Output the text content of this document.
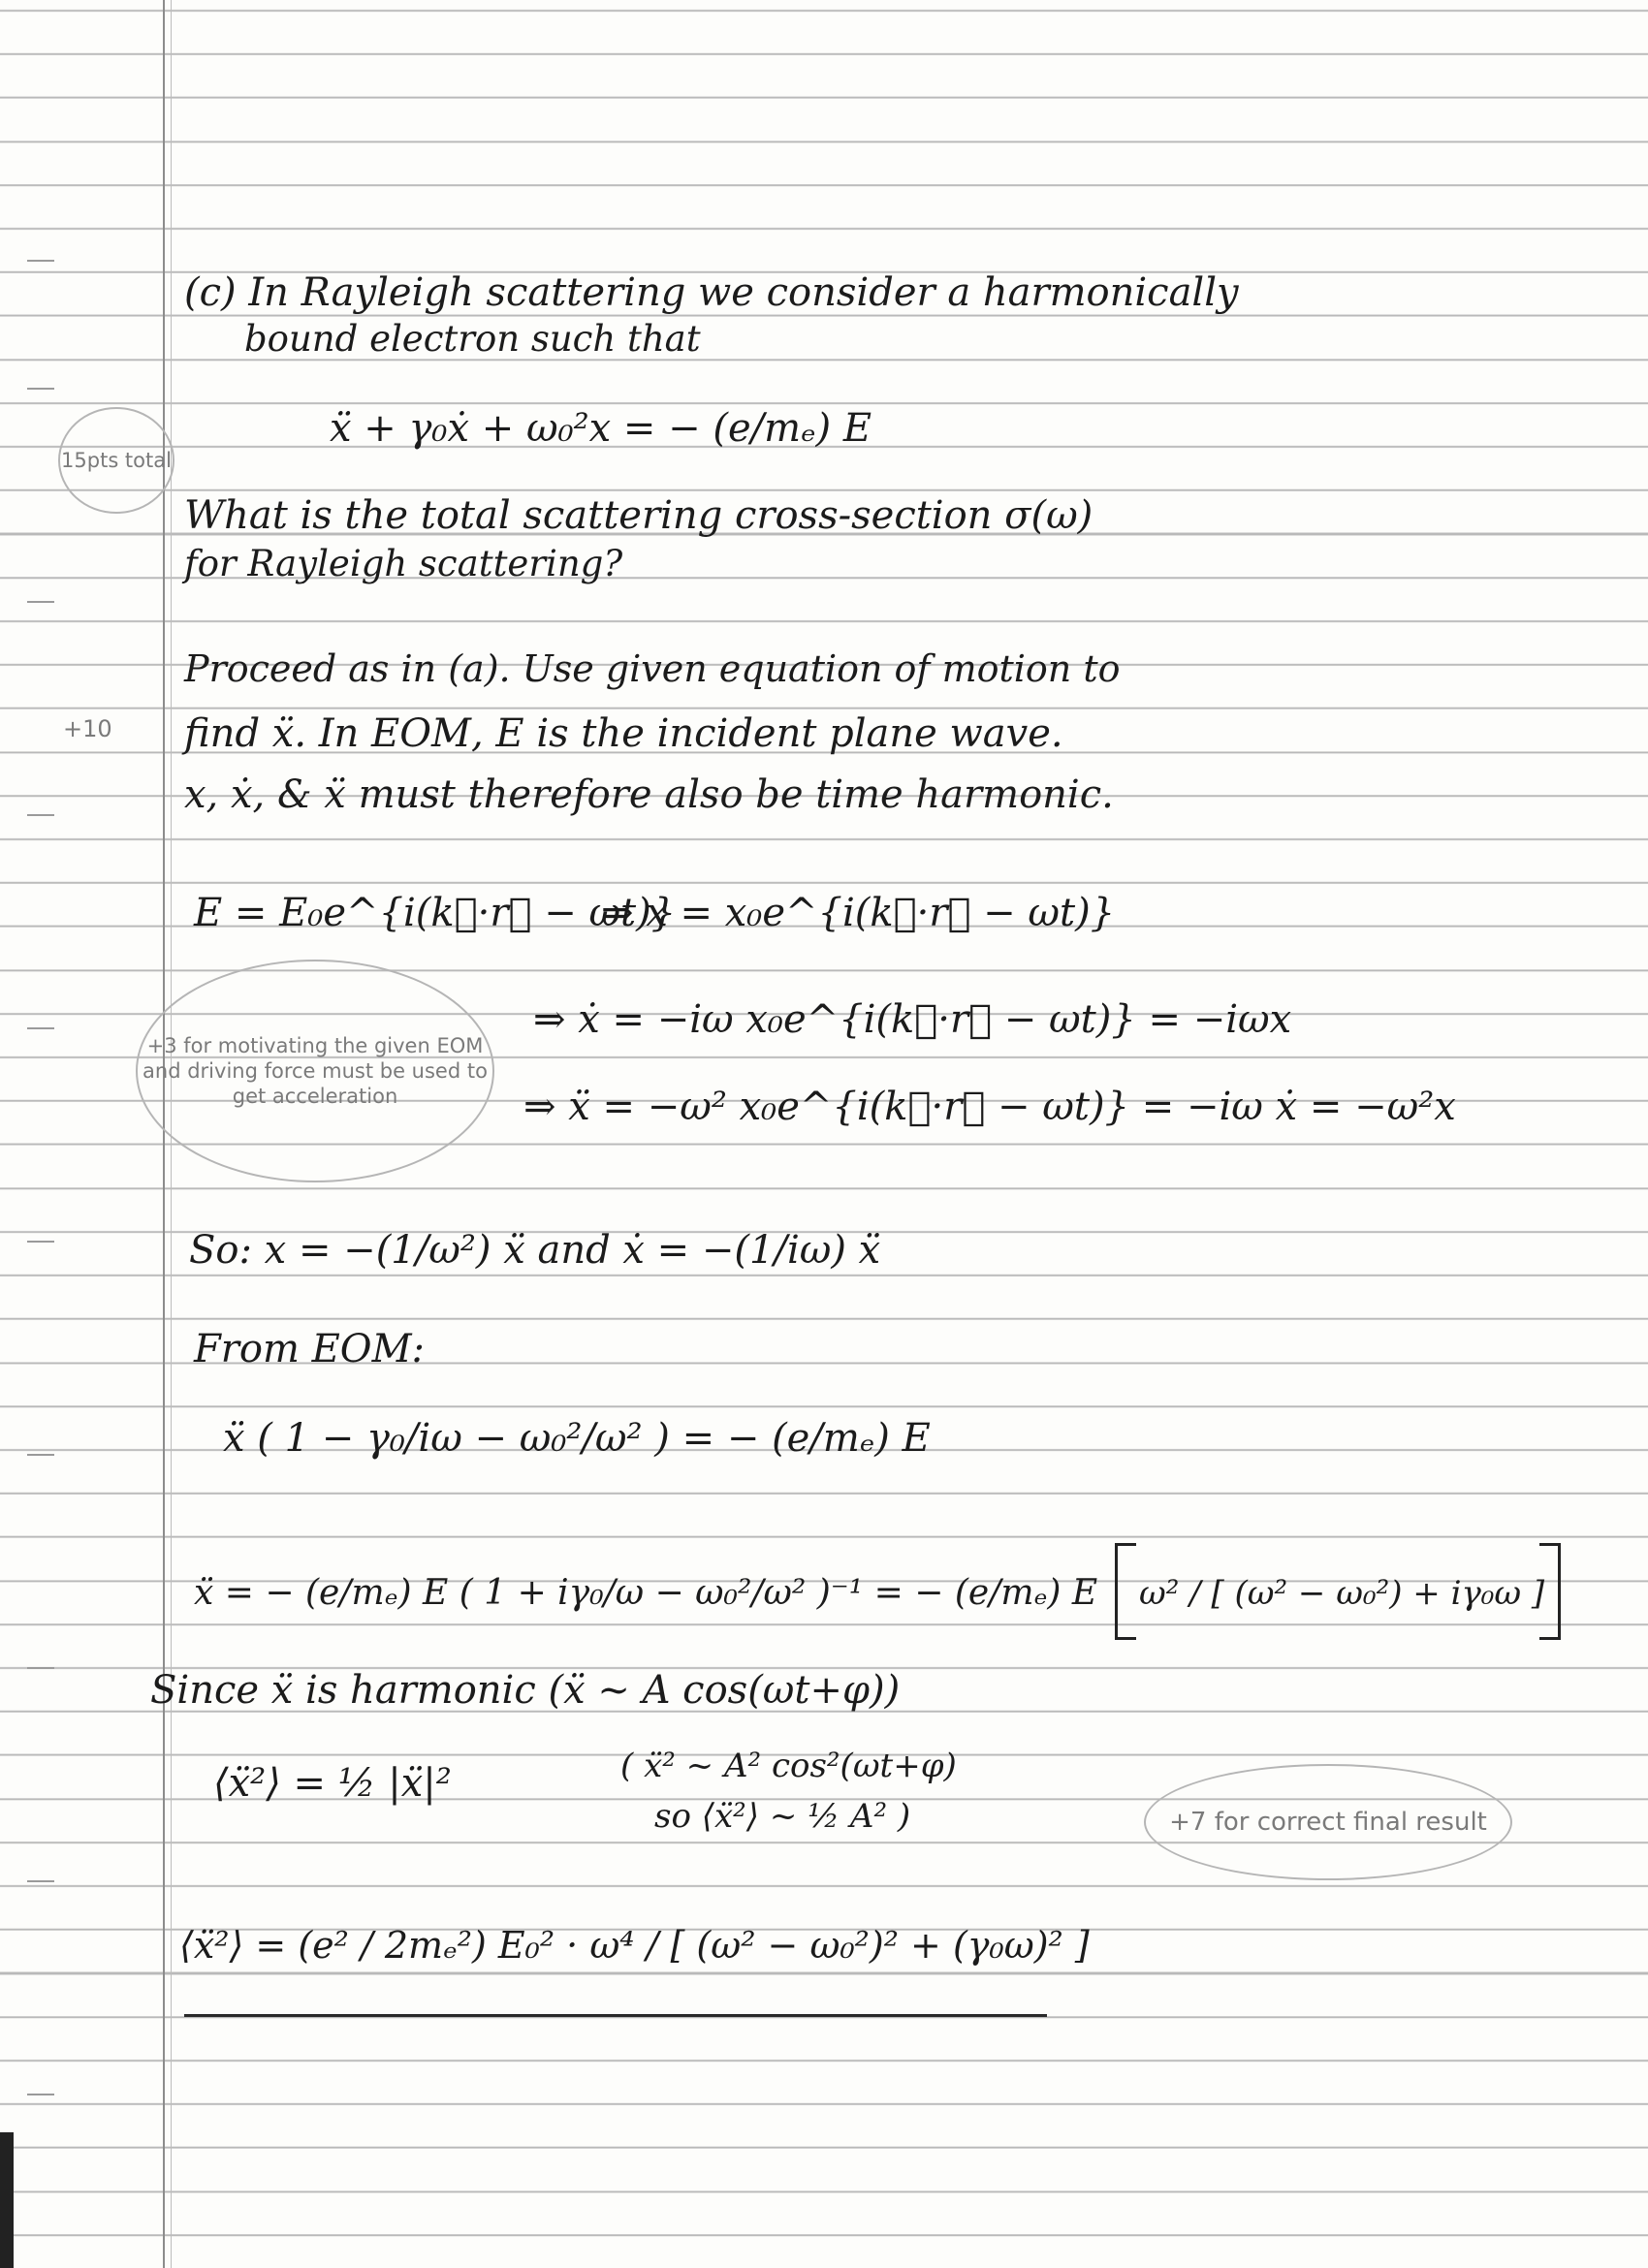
(c) In Rayleigh scattering we consider a harmonically
bound electron such that
ẍ + γ₀ẋ + ω₀²x = − (e/mₑ) E
What is the total scattering cross-section σ(ω)
for Rayleigh scattering?
15pts total
+10
Proceed as in (a). Use given equation of motion to
find ẍ. In EOM, E is the incident plane wave.
x, ẋ, & ẍ must therefore also be time harmonic.
E = E₀e^{i(k⃗·r⃗ − ωt)}
⇒ x = x₀e^{i(k⃗·r⃗ − ωt)}
⇒ ẋ = −iω x₀e^{i(k⃗·r⃗ − ωt)} = −iωx
⇒ ẍ = −ω² x₀e^{i(k⃗·r⃗ − ωt)} = −iω ẋ = −ω²x
+3 for motivating the given EOM and driving force must be used to get acceleration
So: x = −(1/ω²) ẍ and ẋ = −(1/iω) ẍ
From EOM:
ẍ ( 1 − γ₀/iω − ω₀²/ω² ) = − (e/mₑ) E
ẍ = − (e/mₑ) E ( 1 + iγ₀/ω − ω₀²/ω² )⁻¹ = − (e/mₑ) E ω² / [ (ω² − ω₀²) + iγ₀ω ]
Since ẍ is harmonic (ẍ ~ A cos(ωt+φ))
⟨ẍ²⟩ = ½ |ẍ|²	( ẍ² ~ A² cos²(ωt+φ)
so ⟨ẍ²⟩ ~ ½ A² )	+7 for correct final result
⟨ẍ²⟩ = (e² / 2mₑ²) E₀² · ω⁴ / [ (ω² − ω₀²)² + (γ₀ω)² ]
